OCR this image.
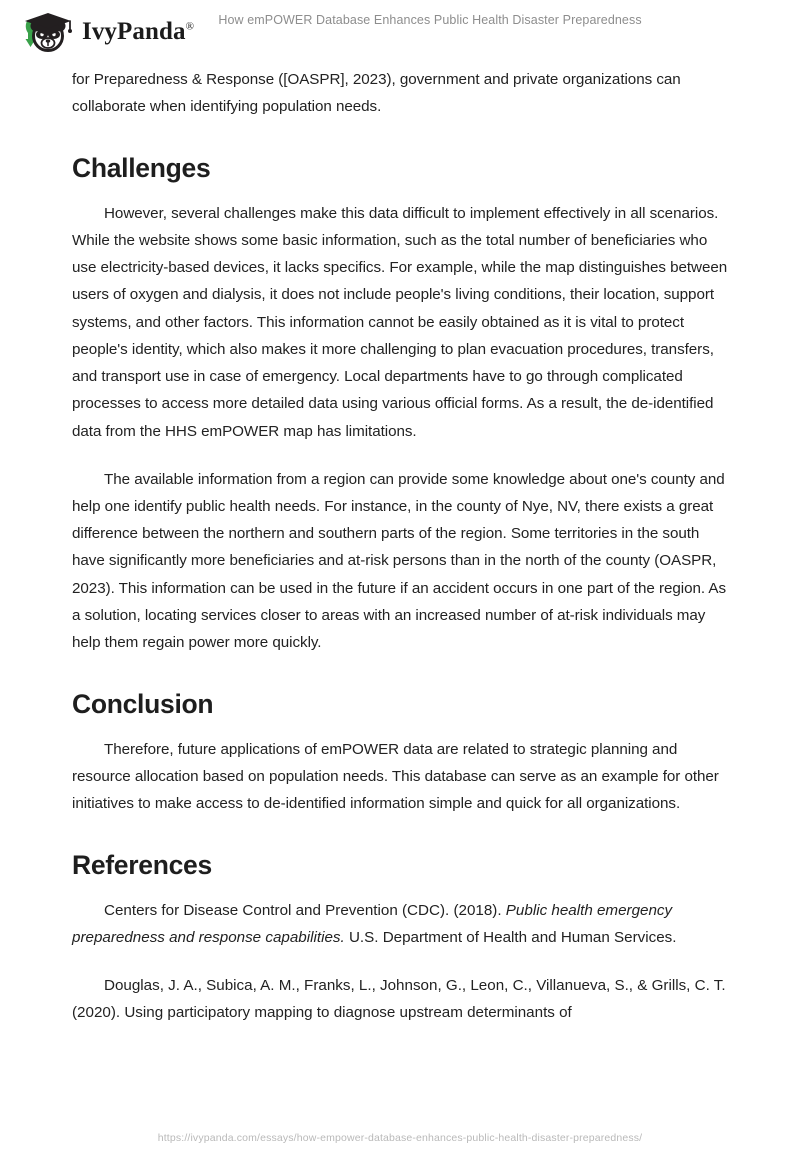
IvyPanda®	How emPOWER Database Enhances Public Health Disaster Preparedness

for Preparedness & Response ([OASPR], 2023), government and private organizations can collaborate when identifying population needs.

Challenges

However, several challenges make this data difficult to implement effectively in all scenarios. While the website shows some basic information, such as the total number of beneficiaries who use electricity-based devices, it lacks specifics. For example, while the map distinguishes between users of oxygen and dialysis, it does not include people's living conditions, their location, support systems, and other factors. This information cannot be easily obtained as it is vital to protect people's identity, which also makes it more challenging to plan evacuation procedures, transfers, and transport use in case of emergency. Local departments have to go through complicated processes to access more detailed data using various official forms. As a result, the de-identified data from the HHS emPOWER map has limitations.

The available information from a region can provide some knowledge about one's county and help one identify public health needs. For instance, in the county of Nye, NV, there exists a great difference between the northern and southern parts of the region. Some territories in the south have significantly more beneficiaries and at-risk persons than in the north of the county (OASPR, 2023). This information can be used in the future if an accident occurs in one part of the region. As a solution, locating services closer to areas with an increased number of at-risk individuals may help them regain power more quickly.

Conclusion

Therefore, future applications of emPOWER data are related to strategic planning and resource allocation based on population needs. This database can serve as an example for other initiatives to make access to de-identified information simple and quick for all organizations.

References

Centers for Disease Control and Prevention (CDC). (2018). Public health emergency preparedness and response capabilities. U.S. Department of Health and Human Services.

Douglas, J. A., Subica, A. M., Franks, L., Johnson, G., Leon, C., Villanueva, S., & Grills, C. T. (2020). Using participatory mapping to diagnose upstream determinants of

https://ivypanda.com/essays/how-empower-database-enhances-public-health-disaster-preparedness/
